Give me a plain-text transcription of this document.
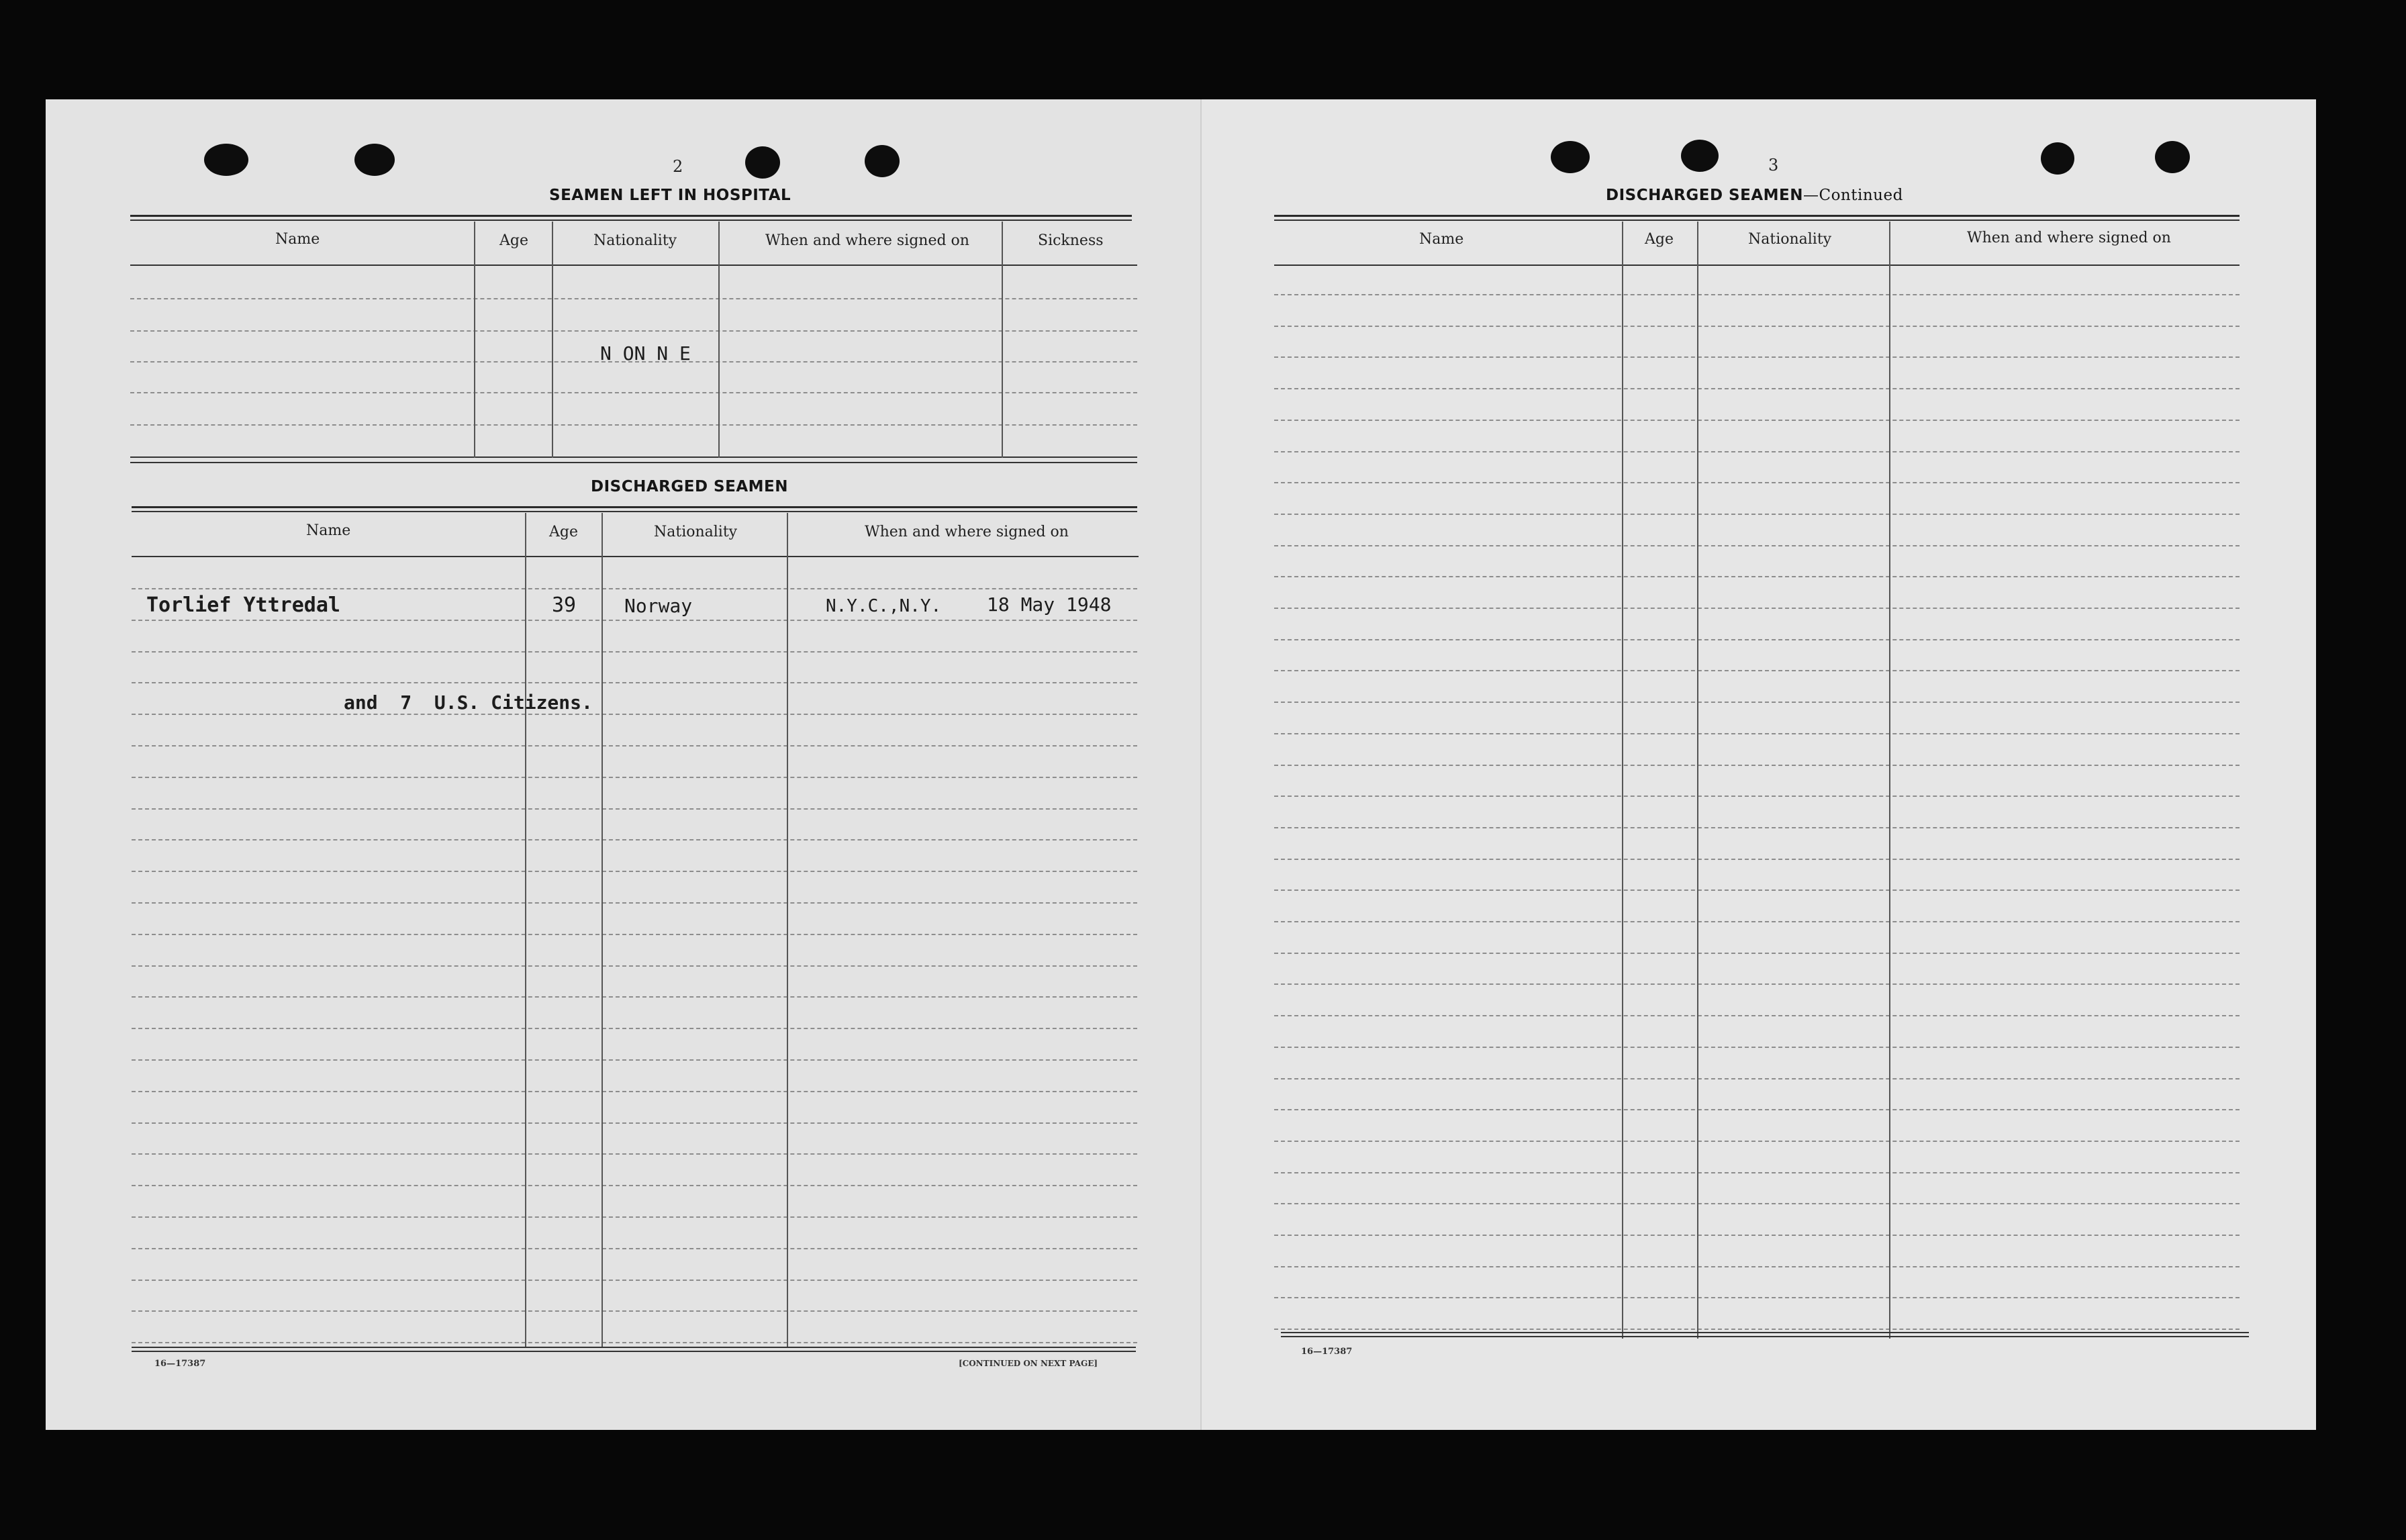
2
SEAMEN LEFT IN HOSPITAL
Name	Age	Nationality	When and where signed on	Sickness
N ON N E
DISCHARGED SEAMEN
Name	Age	Nationality	When and where signed on
Torlief Yttredal	39	Norway	N.Y.C.,N.Y. 18 May 1948
and  7  U.S. Citizens.
16—17387	[CONTINUED ON NEXT PAGE]
3
DISCHARGED SEAMEN—Continued
Name	Age	Nationality	When and where signed on
16—17387
